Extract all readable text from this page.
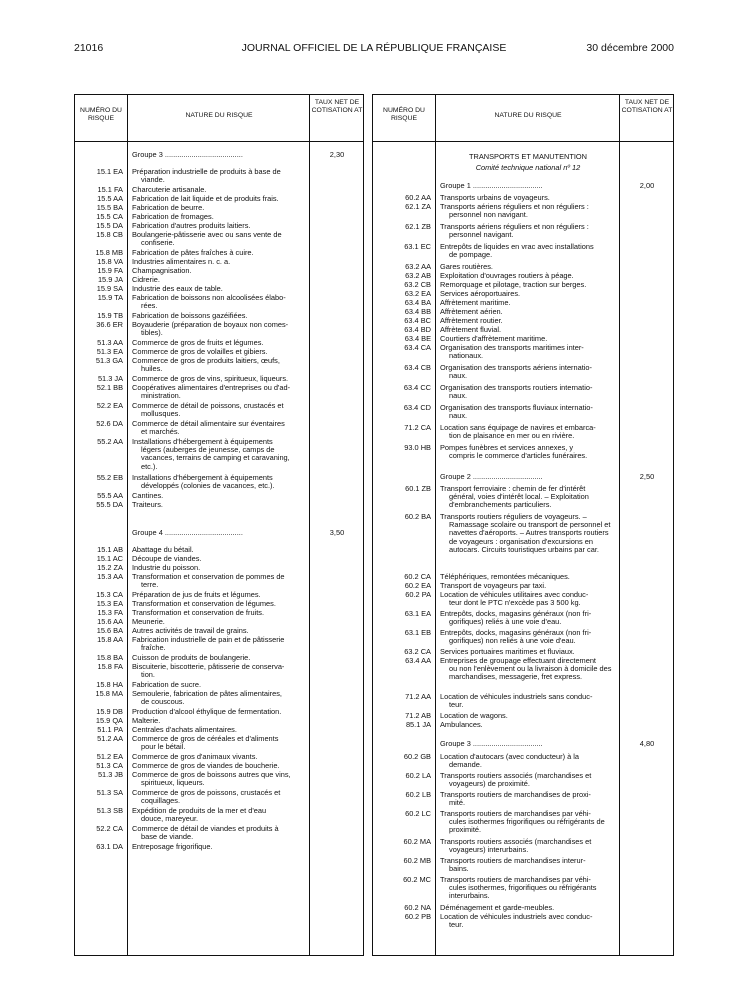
21016	JOURNAL OFFICIEL DE LA RÉPUBLIQUE FRANÇAISE	30 décembre 2000
NUMÉRO DU RISQUE	NATURE DU RISQUE
TAUX NET DE COTISATION AT
Groupe 3 ......................................	2,30
15.1 EA Préparation industrielle de produits à base de
viande.
15.1 FA Charcuterie artisanale.
15.5 AA Fabrication de lait liquide et de produits frais.
15.5 BA Fabrication de beurre.
15.5 CA Fabrication de fromages.
15.5 DA Fabrication d'autres produits laitiers.
15.8 CB Boulangerie-pâtisserie avec ou sans vente de
confiserie.
15.8 MB Fabrication de pâtes fraîches à cuire.
15.8 VA Industries alimentaires n. c. a.
15.9 FA Champagnisation.
15.9 JA Cidrerie.
15.9 SA Industrie des eaux de table.
15.9 TA Fabrication de boissons non alcoolisées élabo-
rées.
15.9 TB Fabrication de boissons gazéifiées.
36.6 ER Boyauderie (préparation de boyaux non comes-
tibles).
51.3 AA Commerce de gros de fruits et légumes.
51.3 EA Commerce de gros de volailles et gibiers.
51.3 GA Commerce de gros de produits laitiers, œufs,
huiles.
51.3 JA Commerce de gros de vins, spiritueux, liqueurs.
52.1 BB Coopératives alimentaires d'entreprises ou d'ad-
ministration.
52.2 EA Commerce de détail de poissons, crustacés et
mollusques.
52.6 DA Commerce de détail alimentaire sur éventaires
et marchés.
55.2 AA Installations d'hébergement à équipements
légers (auberges de jeunesse, camps de vacances, terrains de camping et caravaning, etc.).
55.2 EB Installations d'hébergement à équipements
développés (colonies de vacances, etc.).
55.5 AA Cantines.
55.5 DA Traiteurs.
Groupe 4 ......................................	3,50
15.1 AB Abattage du bétail.
15.1 AC Découpe de viandes.
15.2 ZA Industrie du poisson.
15.3 AA Transformation et conservation de pommes de
terre.
15.3 CA Préparation de jus de fruits et légumes.
15.3 EA Transformation et conservation de légumes.
15.3 FA Transformation et conservation de fruits.
15.6 AA Meunerie.
15.6 BA Autres activités de travail de grains.
15.8 AA Fabrication industrielle de pain et de pâtisserie
fraîche.
15.8 BA Cuisson de produits de boulangerie.
15.8 FA Biscuiterie, biscotterie, pâtisserie de conserva-
tion.
15.8 HA Fabrication de sucre.
15.8 MA Semoulerie, fabrication de pâtes alimentaires,
de couscous.
15.9 DB Production d'alcool éthylique de fermentation.
15.9 QA Malterie.
51.1 PA Centrales d'achats alimentaires.
51.2 AA Commerce de gros de céréales et d'aliments
pour le bétail.
51.2 EA Commerce de gros d'animaux vivants.
51.3 CA Commerce de gros de viandes de boucherie.
51.3 JB Commerce de gros de boissons autres que vins,
spiritueux, liqueurs.
51.3 SA Commerce de gros de poissons, crustacés et
coquillages.
51.3 SB Expédition de produits de la mer et d'eau
douce, mareyeur.
52.2 CA Commerce de détail de viandes et produits à
base de viande.
63.1 DA Entreposage frigorifique.
NUMÉRO DU RISQUE	NATURE DU RISQUE
TAUX NET DE COTISATION AT
TRANSPORTS ET MANUTENTION
Comité technique national nº 12
Groupe 1 ..................................	2,00
60.2 AA Transports urbains de voyageurs.
62.1 ZA Transports aériens réguliers et non réguliers :
personnel non navigant.
62.1 ZB Transports aériens réguliers et non réguliers :
personnel navigant.
63.1 EC Entrepôts de liquides en vrac avec installations
de pompage.
63.2 AA Gares routières.
63.2 AB Exploitation d'ouvrages routiers à péage.
63.2 CB Remorquage et pilotage, traction sur berges.
63.2 EA Services aéroportuaires.
63.4 BA Affrètement maritime.
63.4 BB Affrètement aérien.
63.4 BC Affrètement routier.
63.4 BD Affrètement fluvial.
63.4 BE Courtiers d'affrètement maritime.
63.4 CA Organisation des transports maritimes inter-
nationaux.
63.4 CB Organisation des transports aériens internatio-
naux.
63.4 CC Organisation des transports routiers internatio-
naux.
63.4 CD Organisation des transports fluviaux internatio-
naux.
71.2 CA Location sans équipage de navires et embarca-
tion de plaisance en mer ou en rivière.
93.0 HB Pompes funèbres et services annexes, y
compris le commerce d'articles funéraires.
Groupe 2 ..................................	2,50
60.1 ZB Transport ferroviaire : chemin de fer d'intérêt
général, voies d'intérêt local. – Exploitation d'embranchements particuliers.
60.2 BA Transports routiers réguliers de voyageurs. –
Ramassage scolaire ou transport de personnel et navettes d'aéroports. – Autres transports routiers de voyageurs : organisation d'excursions en autocars. Circuits touristiques urbains par car.
60.2 CA Téléphériques, remontées mécaniques.
60.2 EA Transport de voyageurs par taxi.
60.2 PA Location de véhicules utilitaires avec conduc-
teur dont le PTC n'excède pas 3 500 kg.
63.1 EA Entrepôts, docks, magasins généraux (non fri-
gorifiques) reliés à une voie d'eau.
63.1 EB Entrepôts, docks, magasins généraux (non fri-
gorifiques) non reliés à une voie d'eau.
63.2 CA Services portuaires maritimes et fluviaux.
63.4 AA Entreprises de groupage effectuant directement
ou non l'enlèvement ou la livraison à domicile des marchandises, messagerie, fret express.
71.2 AA Location de véhicules industriels sans conduc-
teur.
71.2 AB Location de wagons.
85.1 JA Ambulances.
Groupe 3 ..................................	4,80
60.2 GB Location d'autocars (avec conducteur) à la
demande.
60.2 LA Transports routiers associés (marchandises et
voyageurs) de proximité.
60.2 LB Transports routiers de marchandises de proxi-
mité.
60.2 LC Transports routiers de marchandises par véhi-
cules isothermes frigorifiques ou réfrigérants de proximité.
60.2 MA Transports routiers associés (marchandises et
voyageurs) interurbains.
60.2 MB Transports routiers de marchandises interur-
bains.
60.2 MC Transports routiers de marchandises par véhi-
cules isothermes, frigorifiques ou réfrigérants interurbains.
60.2 NA Déménagement et garde-meubles.
60.2 PB Location de véhicules industriels avec conduc-
teur.
